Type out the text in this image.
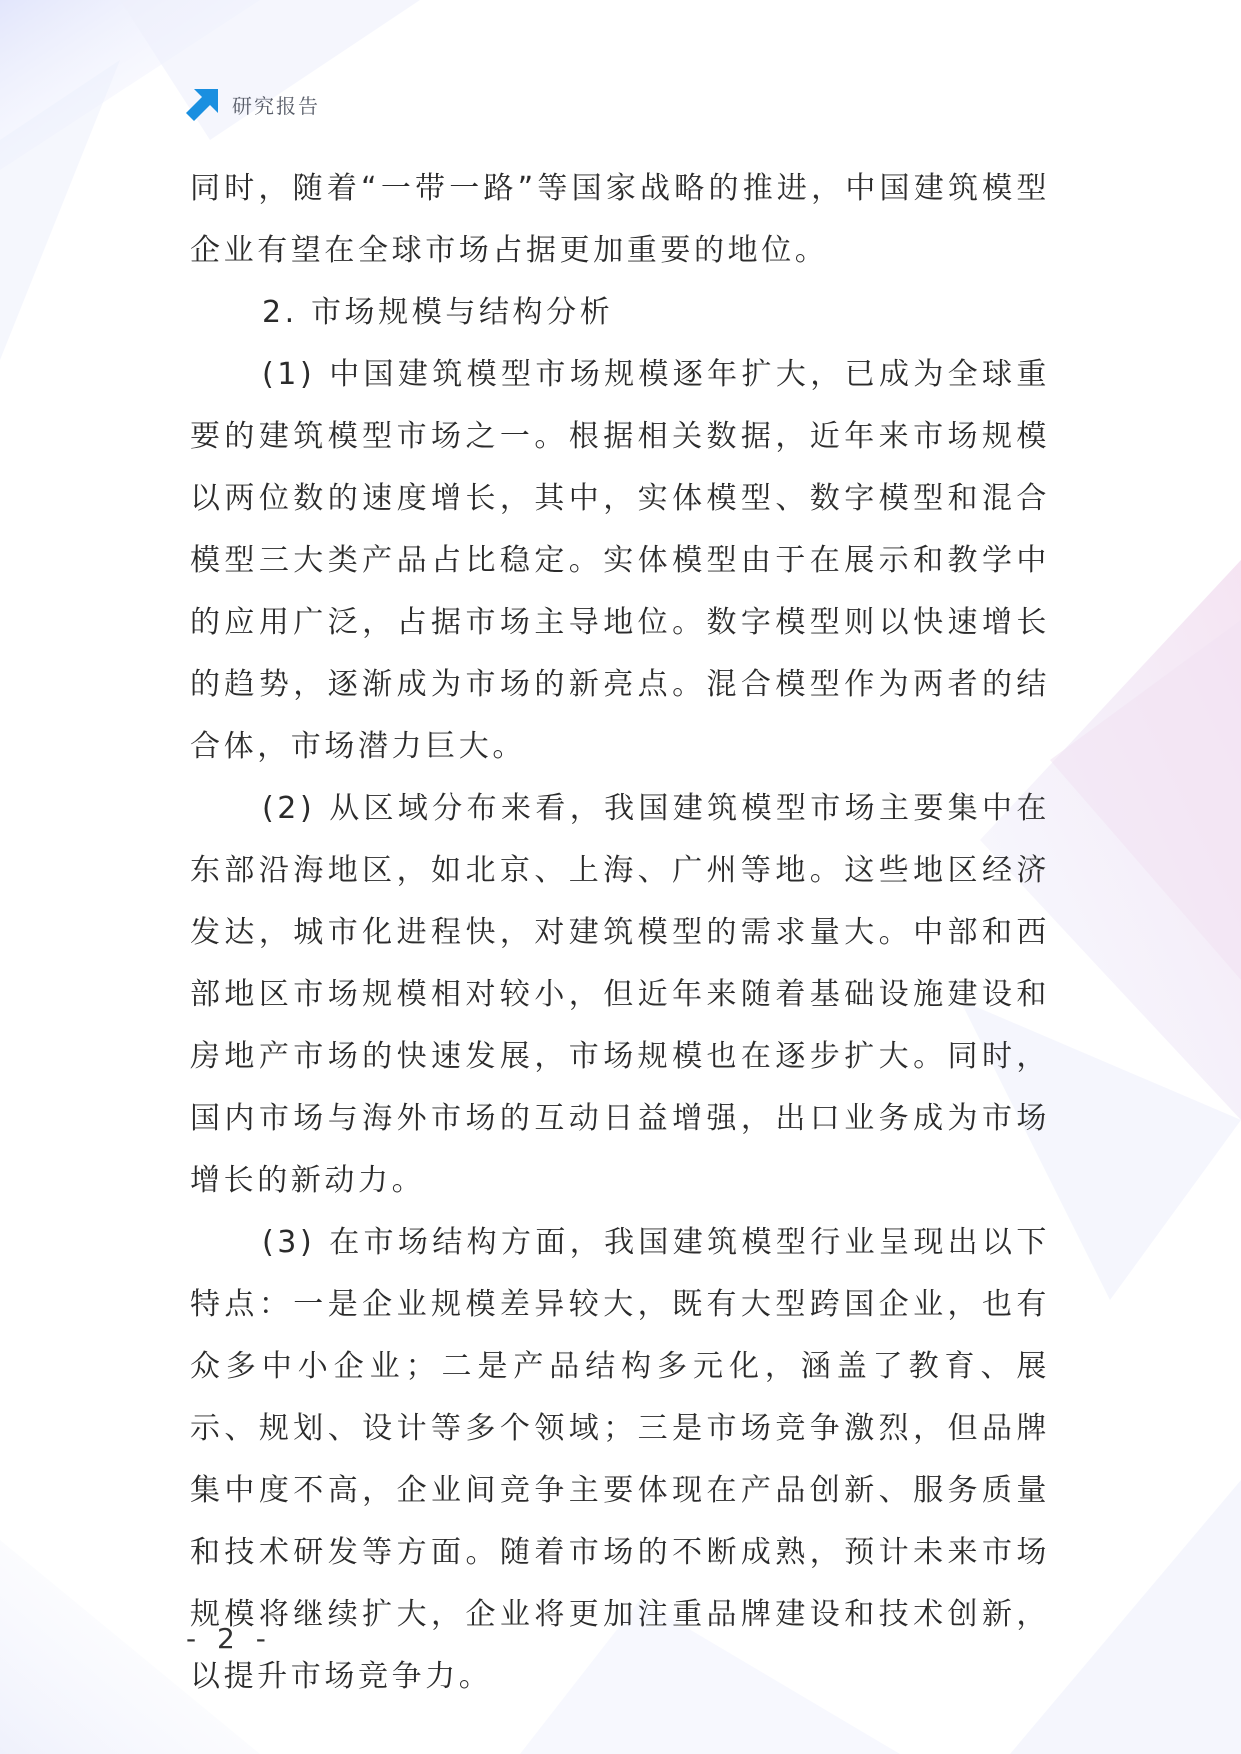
研究报告

同时，随着“一带一路”等国家战略的推进，中国建筑模型企业有望在全球市场占据更加重要的地位。

2. 市场规模与结构分析

(1) 中国建筑模型市场规模逐年扩大，已成为全球重要的建筑模型市场之一。根据相关数据，近年来市场规模以两位数的速度增长，其中，实体模型、数字模型和混合模型三大类产品占比稳定。实体模型由于在展示和教学中的应用广泛，占据市场主导地位。数字模型则以快速增长的趋势，逐渐成为市场的新亮点。混合模型作为两者的结合体，市场潜力巨大。

(2) 从区域分布来看，我国建筑模型市场主要集中在东部沿海地区，如北京、上海、广州等地。这些地区经济发达，城市化进程快，对建筑模型的需求量大。中部和西部地区市场规模相对较小，但近年来随着基础设施建设和房地产市场的快速发展，市场规模也在逐步扩大。同时，国内市场与海外市场的互动日益增强，出口业务成为市场增长的新动力。

(3) 在市场结构方面，我国建筑模型行业呈现出以下特点：一是企业规模差异较大，既有大型跨国企业，也有众多中小企业；二是产品结构多元化，涵盖了教育、展示、规划、设计等多个领域；三是市场竞争激烈，但品牌集中度不高，企业间竞争主要体现在产品创新、服务质量和技术研发等方面。随着市场的不断成熟，预计未来市场规模将继续扩大，企业将更加注重品牌建设和技术创新，以提升市场竞争力。

- 2 -
